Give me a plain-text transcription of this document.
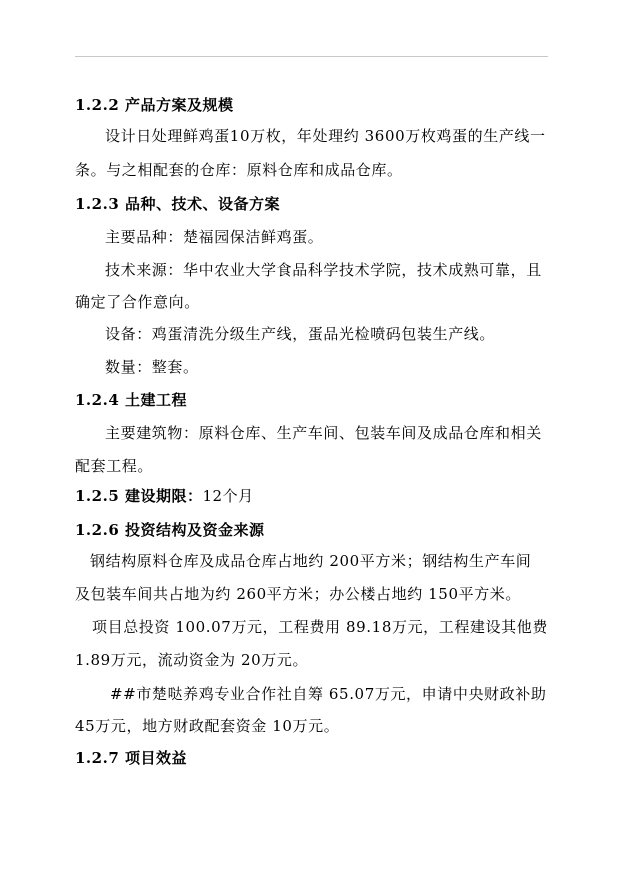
1.2.2 产品方案及规模
设计日处理鲜鸡蛋10万枚，年处理约 3600万枚鸡蛋的生产线一
条。与之相配套的仓库：原料仓库和成品仓库。
1.2.3 品种、技术、设备方案
主要品种：楚福园保洁鲜鸡蛋。
技术来源：华中农业大学食品科学技术学院，技术成熟可靠，且
确定了合作意向。
设备：鸡蛋清洗分级生产线，蛋品光检喷码包装生产线。
数量：整套。
1.2.4 土建工程
主要建筑物：原料仓库、生产车间、包装车间及成品仓库和相关
配套工程。
1.2.5 建设期限：12个月
1.2.6 投资结构及资金来源
钢结构原料仓库及成品仓库占地约 200平方米；钢结构生产车间
及包装车间共占地为约 260平方米；办公楼占地约 150平方米。
项目总投资 100.07万元，工程费用 89.18万元，工程建设其他费
1.89万元，流动资金为 20万元。
##市楚哒养鸡专业合作社自筹 65.07万元，申请中央财政补助
45万元，地方财政配套资金 10万元。
1.2.7 项目效益
